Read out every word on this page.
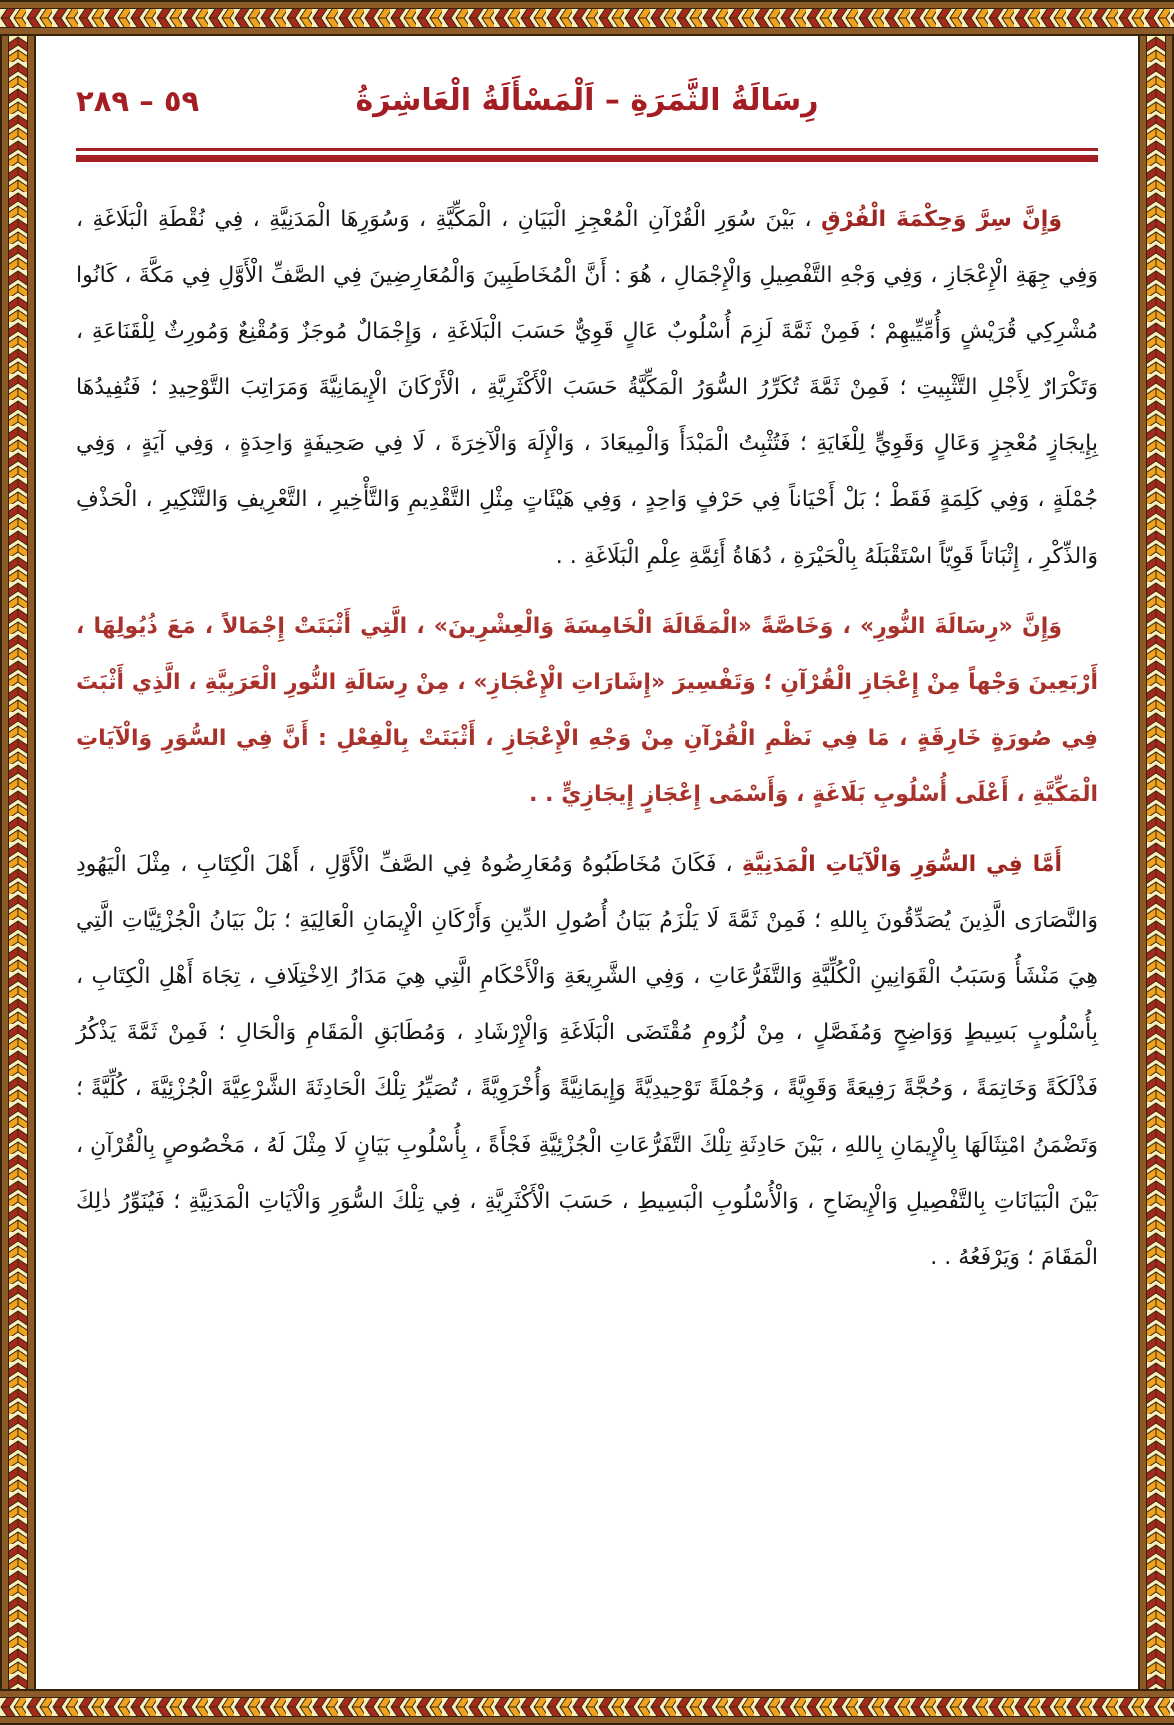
٥٩ – ٢٨٩	رِسَالَةُ الثَّمَرَةِ – اَلْمَسْأَلَةُ الْعَاشِرَةُ

وَإِنَّ سِرَّ وَحِكْمَةَ الْفُرْقِ ، بَيْنَ سُوَرِ الْقُرْآنِ الْمُعْجِزِ الْبَيَانِ ، الْمَكِّيَّةِ ، وَسُوَرِهَا الْمَدَنِيَّةِ ، فِي نُقْطَةِ الْبَلَاغَةِ ، وَفِي جِهَةِ الْإِعْجَازِ ، وَفِي وَجْهِ التَّفْصِيلِ وَالْإِجْمَالِ ، هُوَ : أَنَّ الْمُخَاطَبِينَ وَالْمُعَارِضِينَ فِي الصَّفِّ الْأَوَّلِ فِي مَكَّةَ ، كَانُوا مُشْرِكِي قُرَيْشٍ وَأُمِّيِّيهِمْ ؛ فَمِنْ ثَمَّةَ لَزِمَ أُسْلُوبٌ عَالٍ قَوِيٌّ حَسَبَ الْبَلَاغَةِ ، وَإِجْمَالٌ مُوجَزٌ وَمُقْنِعٌ وَمُورِثٌ لِلْقَنَاعَةِ ، وَتَكْرَارٌ لِأَجْلِ التَّثْبِيتِ ؛ فَمِنْ ثَمَّةَ تُكَرِّرُ السُّوَرُ الْمَكِّيَّةُ حَسَبَ الْأَكْثَرِيَّةِ ، الْأَرْكَانَ الْإِيمَانِيَّةَ وَمَرَاتِبَ التَّوْحِيدِ ؛ فَتُفِيدُهَا بِإِيجَازٍ مُعْجِزٍ وَعَالٍ وَقَوِيٍّ لِلْغَايَةِ ؛ فَتُثْبِتُ الْمَبْدَأَ وَالْمِيعَادَ ، وَالْإِلَهَ وَالْآخِرَةَ ، لَا فِي صَحِيفَةٍ وَاحِدَةٍ ، وَفِي آيَةٍ ، وَفِي جُمْلَةٍ ، وَفِي كَلِمَةٍ فَقَطْ ؛ بَلْ أَحْيَاناً فِي حَرْفٍ وَاحِدٍ ، وَفِي هَيْئَاتٍ مِثْلِ التَّقْدِيمِ وَالتَّأْخِيرِ ، التَّعْرِيفِ وَالتَّنْكِيرِ ، الْحَذْفِ وَالذِّكْرِ ، إِثْبَاتاً قَوِيّاً اسْتَقْبَلَهُ بِالْحَيْرَةِ ، دُهَاةُ أَئِمَّةِ عِلْمِ الْبَلَاغَةِ . .

وَإِنَّ «رِسَالَةَ النُّورِ» ، وَخَاصَّةً «الْمَقَالَةَ الْخَامِسَةَ وَالْعِشْرِينَ» ، الَّتِي أَثْبَتَتْ إِجْمَالاً ، مَعَ ذُيُولِهَا ، أَرْبَعِينَ وَجْهاً مِنْ إِعْجَازِ الْقُرْآنِ ؛ وَتَفْسِيرَ «إِشَارَاتِ الْإِعْجَازِ» ، مِنْ رِسَالَةِ النُّورِ الْعَرَبِيَّةِ ، الَّذِي أَثْبَتَ فِي صُورَةٍ خَارِقَةٍ ، مَا فِي نَظْمِ الْقُرْآنِ مِنْ وَجْهِ الْإِعْجَازِ ، أَثْبَتَتْ بِالْفِعْلِ : أَنَّ فِي السُّوَرِ وَالْآيَاتِ الْمَكِّيَّةِ ، أَعْلَى أُسْلُوبِ بَلَاغَةٍ ، وَأَسْمَى إِعْجَازٍ إِيجَازِيٍّ . .

أَمَّا فِي السُّوَرِ وَالْآيَاتِ الْمَدَنِيَّةِ ، فَكَانَ مُخَاطَبُوهُ وَمُعَارِضُوهُ فِي الصَّفِّ الْأَوَّلِ ، أَهْلَ الْكِتَابِ ، مِثْلَ الْيَهُودِ وَالنَّصَارَى الَّذِينَ يُصَدِّقُونَ بِاللهِ ؛ فَمِنْ ثَمَّةَ لَا يَلْزَمُ بَيَانُ أُصُولِ الدِّينِ وَأَرْكَانِ الْإِيمَانِ الْعَالِيَةِ ؛ بَلْ بَيَانُ الْجُزْئِيَّاتِ الَّتِي هِيَ مَنْشَأُ وَسَبَبُ الْقَوَانِينِ الْكُلِّيَّةِ وَالتَّفَرُّعَاتِ ، وَفِي الشَّرِيعَةِ وَالْأَحْكَامِ الَّتِي هِيَ مَدَارُ الِاخْتِلَافِ ، تِجَاهَ أَهْلِ الْكِتَابِ ، بِأُسْلُوبٍ بَسِيطٍ وَوَاضِحٍ وَمُفَصَّلٍ ، مِنْ لُزُومِ مُقْتَضَى الْبَلَاغَةِ وَالْإِرْشَادِ ، وَمُطَابَقِ الْمَقَامِ وَالْحَالِ ؛ فَمِنْ ثَمَّةَ يَذْكُرُ فَذْلَكَةً وَخَاتِمَةً ، وَحُجَّةً رَفِيعَةً وَقَوِيَّةً ، وَجُمْلَةً تَوْحِيدِيَّةً وَإِيمَانِيَّةً وَأُخْرَوِيَّةً ، تُصَيِّرُ تِلْكَ الْحَادِثَةَ الشَّرْعِيَّةَ الْجُزْئِيَّةَ ، كُلِّيَّةً ؛ وَتَضْمَنُ امْتِثَالَهَا بِالْإِيمَانِ بِاللهِ ، بَيْنَ حَادِثَةِ تِلْكَ التَّفَرُّعَاتِ الْجُزْئِيَّةِ فَجْأَةً ، بِأُسْلُوبِ بَيَانٍ لَا مِثْلَ لَهُ ، مَخْصُوصٍ بِالْقُرْآنِ ، بَيْنَ الْبَيَانَاتِ بِالتَّفْصِيلِ وَالْإِيضَاحِ ، وَالْأُسْلُوبِ الْبَسِيطِ ، حَسَبَ الْأَكْثَرِيَّةِ ، فِي تِلْكَ السُّوَرِ وَالْآيَاتِ الْمَدَنِيَّةِ ؛ فَيُنَوِّرُ ذٰلِكَ الْمَقَامَ ؛ وَيَرْفَعُهُ . .
